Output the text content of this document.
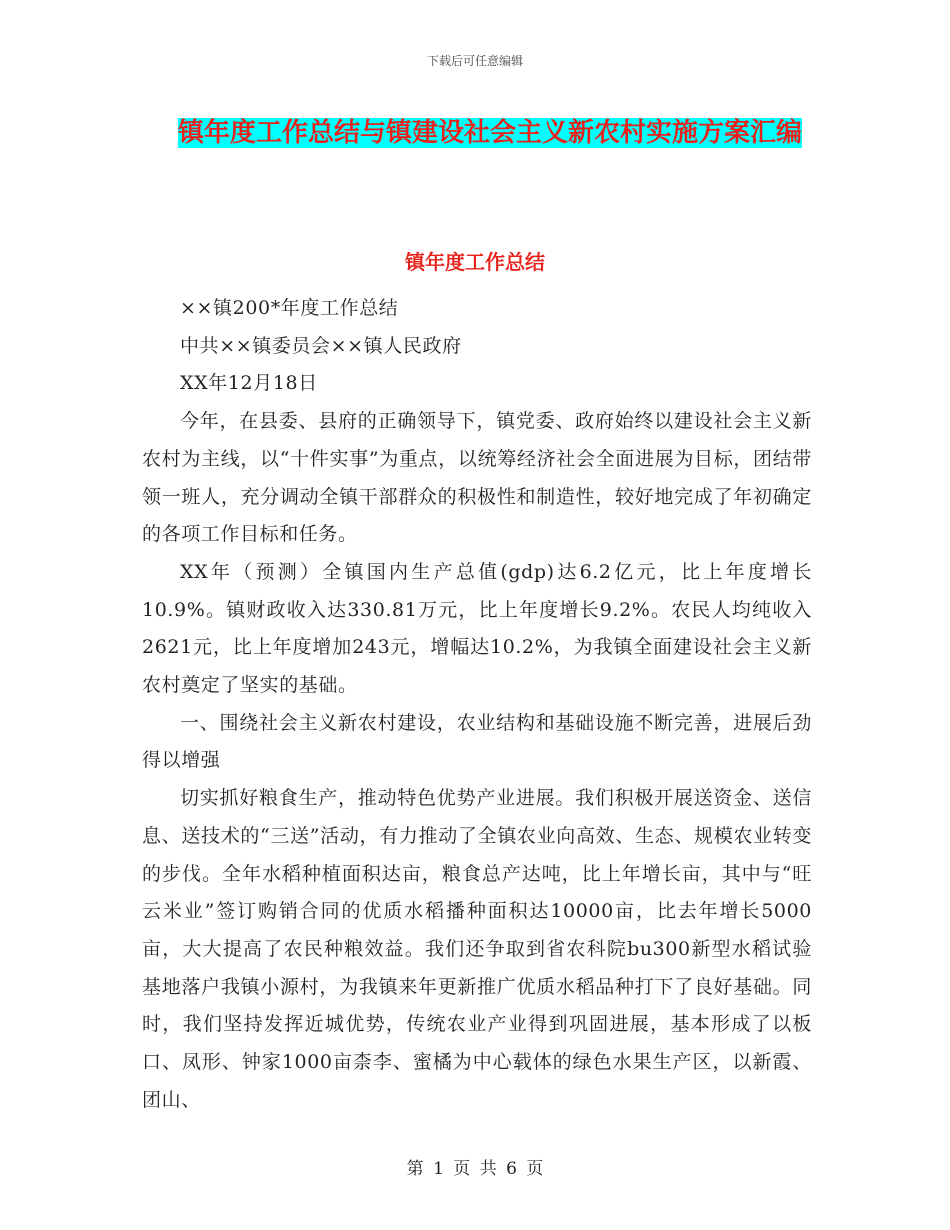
下载后可任意编辑
镇年度工作总结与镇建设社会主义新农村实施方案汇编
镇年度工作总结

××镇200*年度工作总结

中共××镇委员会××镇人民政府

XX年12月18日

今年，在县委、县府的正确领导下，镇党委、政府始终以建设社会主义新农村为主线，以“十件实事”为重点，以统筹经济社会全面进展为目标，团结带领一班人，充分调动全镇干部群众的积极性和制造性，较好地完成了年初确定的各项工作目标和任务。

XX年（预测）全镇国内生产总值(gdp)达6.2亿元，比上年度增长10.9%。镇财政收入达330.81万元，比上年度增长9.2%。农民人均纯收入2621元，比上年度增加243元，增幅达10.2%，为我镇全面建设社会主义新农村奠定了坚实的基础。

一、围绕社会主义新农村建设，农业结构和基础设施不断完善，进展后劲得以增强

切实抓好粮食生产，推动特色优势产业进展。我们积极开展送资金、送信息、送技术的“三送”活动，有力推动了全镇农业向高效、生态、规模农业转变的步伐。全年水稻种植面积达亩，粮食总产达吨，比上年增长亩，其中与“旺云米业”签订购销合同的优质水稻播种面积达10000亩，比去年增长5000亩，大大提高了农民种粮效益。我们还争取到省农科院bu300新型水稻试验基地落户我镇小源村，为我镇来年更新推广优质水稻品种打下了良好基础。同时，我们坚持发挥近城优势，传统农业产业得到巩固进展，基本形成了以板口、凤形、钟家1000亩柰李、蜜橘为中心载体的绿色水果生产区，以新霞、团山、

第 1 页 共 6 页
